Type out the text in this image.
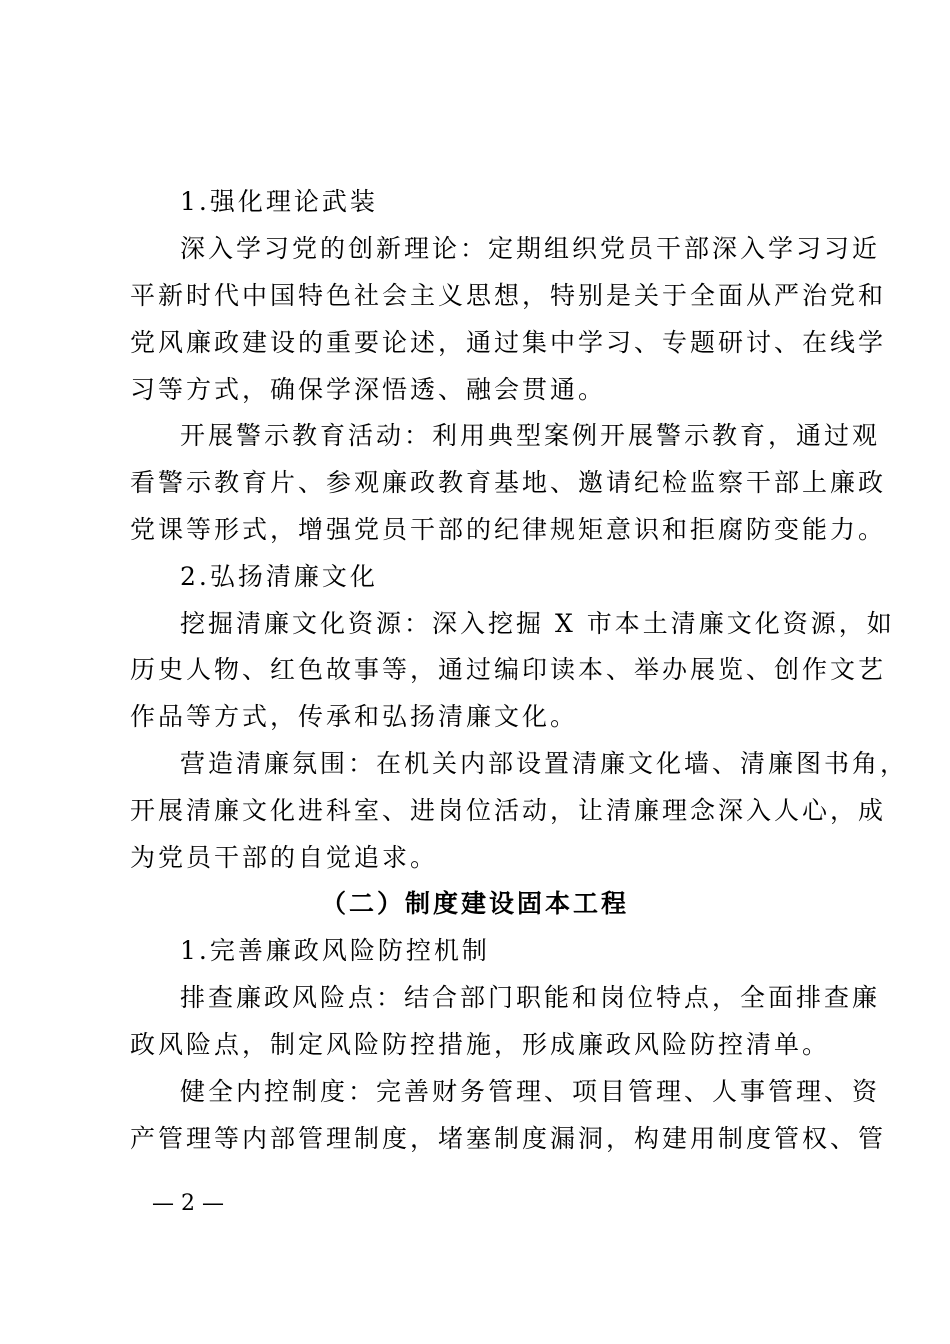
1.强化理论武装
深入学习党的创新理论：定期组织党员干部深入学习习近
平新时代中国特色社会主义思想，特别是关于全面从严治党和
党风廉政建设的重要论述，通过集中学习、专题研讨、在线学
习等方式，确保学深悟透、融会贯通。
开展警示教育活动：利用典型案例开展警示教育，通过观
看警示教育片、参观廉政教育基地、邀请纪检监察干部上廉政
党课等形式，增强党员干部的纪律规矩意识和拒腐防变能力。
2.弘扬清廉文化
挖掘清廉文化资源：深入挖掘 X 市本土清廉文化资源，如
历史人物、红色故事等，通过编印读本、举办展览、创作文艺
作品等方式，传承和弘扬清廉文化。
营造清廉氛围：在机关内部设置清廉文化墙、清廉图书角，
开展清廉文化进科室、进岗位活动，让清廉理念深入人心，成
为党员干部的自觉追求。
（二）制度建设固本工程
1.完善廉政风险防控机制
排查廉政风险点：结合部门职能和岗位特点，全面排查廉
政风险点，制定风险防控措施，形成廉政风险防控清单。
健全内控制度：完善财务管理、项目管理、人事管理、资
产管理等内部管理制度，堵塞制度漏洞，构建用制度管权、管
— 2 —
